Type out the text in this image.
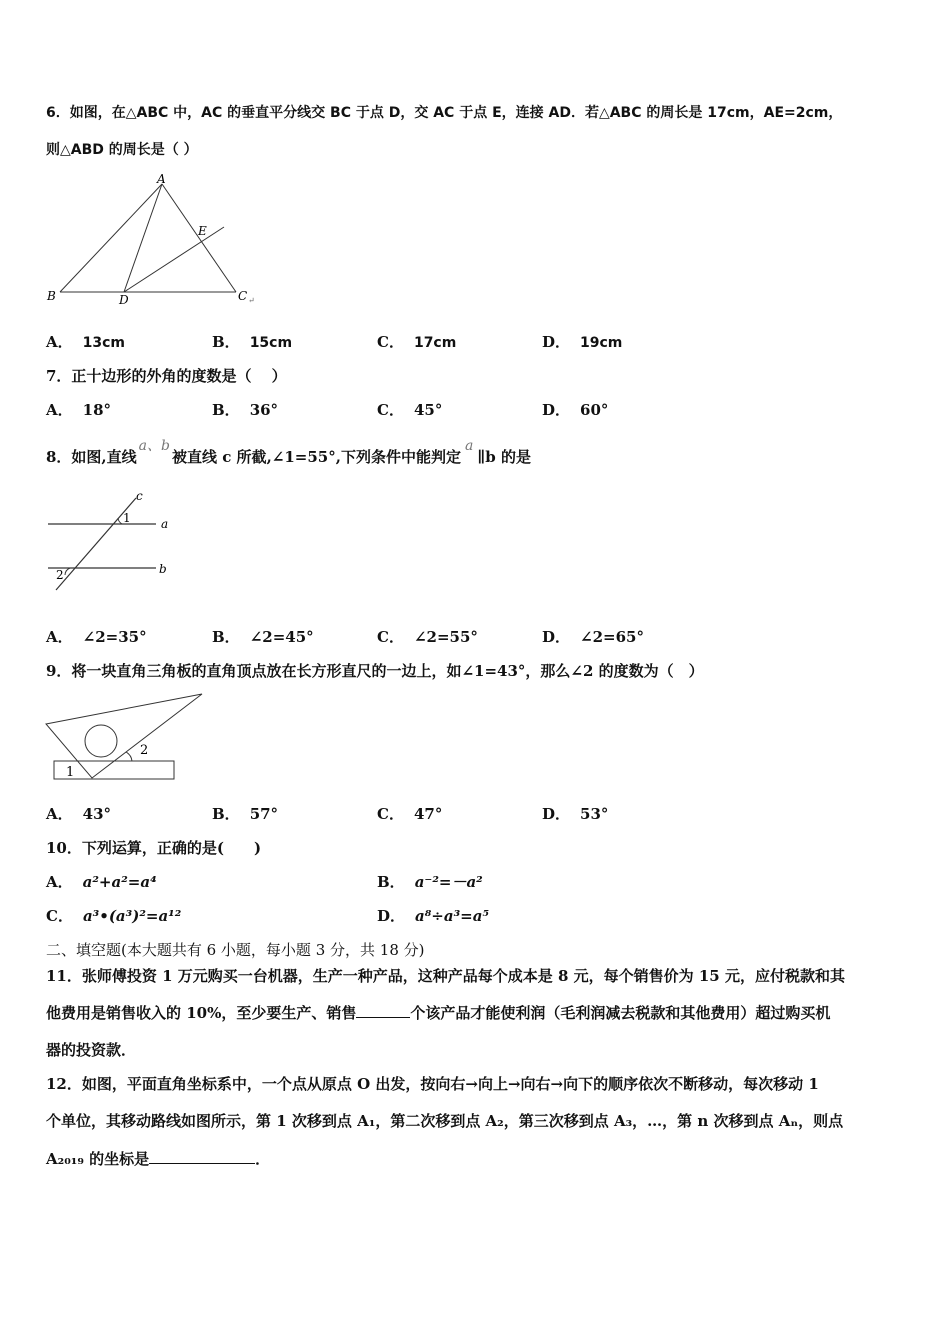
6．如图，在△ABC 中，AC 的垂直平分线交 BC 于点 D，交 AC 于点 E，连接 AD．若△ABC 的周长是 17cm，AE=2cm，
则△ABD 的周长是（ ）
A
B	D	C ↵
E
A． 13cm	B． 15cm	C． 17cm	D． 19cm
7．正十边形的外角的度数是（　 ）
A． 18°	B． 36°	C． 45°	D． 60°
8．如图,直线a、b被直线 c 所截,∠1=55°,下列条件中能判定a∥b 的是
c
1	a
2	b
A． ∠2=35°	B． ∠2=45°	C． ∠2=55°	D． ∠2=65°
9．将一块直角三角板的直角顶点放在长方形直尺的一边上，如∠1=43°，那么∠2 的度数为（　）
2
1
A． 43°	B． 57°	C． 47°	D． 53°
10．下列运算，正确的是(　　)
A． a²+a²=a⁴	B． a⁻²=－a²
C． a³•(a³)²=a¹²	D． a⁸÷a³=a⁵
二、填空题(本大题共有 6 小题，每小题 3 分，共 18 分)
11．张师傅投资 1 万元购买一台机器，生产一种产品，这种产品每个成本是 8 元，每个销售价为 15 元，应付税款和其
他费用是销售收入的 10%，至少要生产、销售	个该产品才能使利润（毛利润减去税款和其他费用）超过购买机
器的投资款．
12．如图，平面直角坐标系中，一个点从原点 O 出发，按向右→向上→向右→向下的顺序依次不断移动，每次移动 1
个单位，其移动路线如图所示，第 1 次移到点 A₁，第二次移到点 A₂，第三次移到点 A₃，…，第 n 次移到点 Aₙ，则点
A₂₀₁₉ 的坐标是	．
